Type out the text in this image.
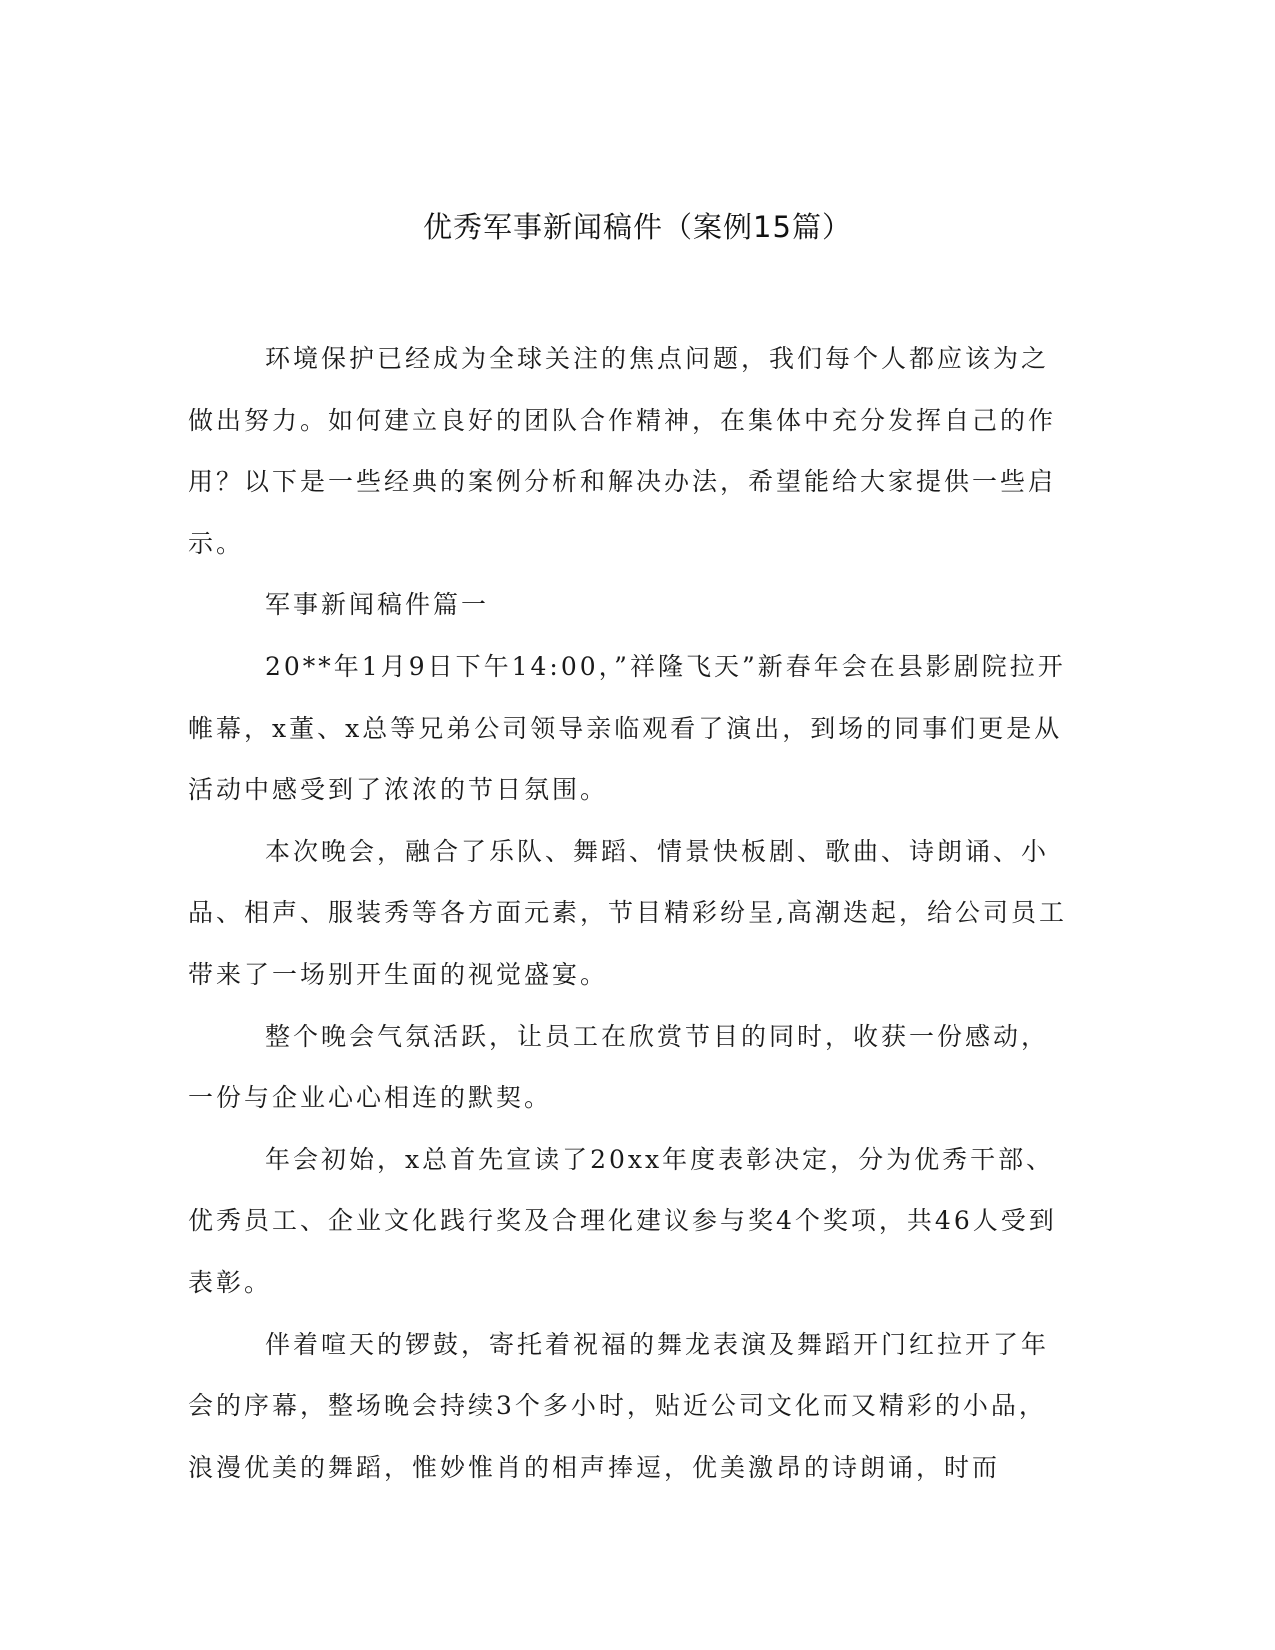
优秀军事新闻稿件（案例15篇）

环境保护已经成为全球关注的焦点问题，我们每个人都应该为之做出努力。如何建立良好的团队合作精神，在集体中充分发挥自己的作用？以下是一些经典的案例分析和解决办法，希望能给大家提供一些启示。

军事新闻稿件篇一

20**年1月9日下午14:00，”祥隆飞天”新春年会在县影剧院拉开帷幕，x董、x总等兄弟公司领导亲临观看了演出，到场的同事们更是从活动中感受到了浓浓的节日氛围。

本次晚会，融合了乐队、舞蹈、情景快板剧、歌曲、诗朗诵、小品、相声、服装秀等各方面元素，节目精彩纷呈,高潮迭起，给公司员工带来了一场别开生面的视觉盛宴。

整个晚会气氛活跃，让员工在欣赏节目的同时，收获一份感动，一份与企业心心相连的默契。

年会初始，x总首先宣读了20xx年度表彰决定，分为优秀干部、优秀员工、企业文化践行奖及合理化建议参与奖4个奖项，共46人受到表彰。

伴着喧天的锣鼓，寄托着祝福的舞龙表演及舞蹈开门红拉开了年会的序幕，整场晚会持续3个多小时，贴近公司文化而又精彩的小品，浪漫优美的舞蹈，惟妙惟肖的相声捧逗，优美激昂的诗朗诵，时而
